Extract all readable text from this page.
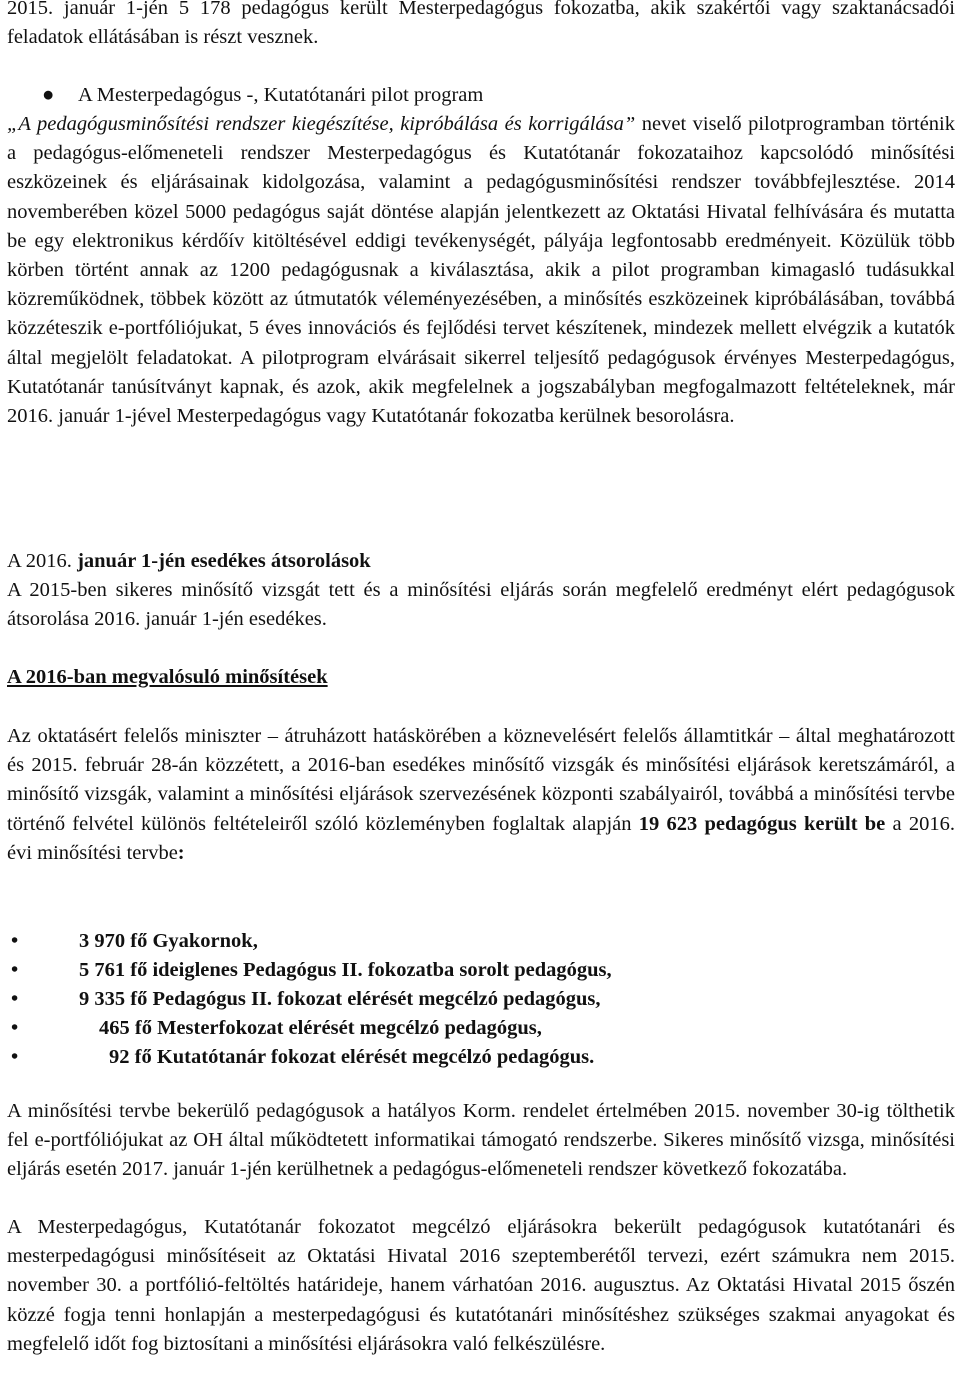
2015. január 1-jén 5 178 pedagógus került Mesterpedagógus fokozatba, akik szakértői vagy szaktanácsadói feladatok ellátásában is részt vesznek.

● A Mesterpedagógus -, Kutatótanári pilot program

„A pedagógusminősítési rendszer kiegészítése, kipróbálása és korrigálása” nevet viselő pilotprogramban történik a pedagógus-előmeneteli rendszer Mesterpedagógus és Kutatótanár fokozataihoz kapcsolódó minősítési eszközeinek és eljárásainak kidolgozása, valamint a pedagógusminősítési rendszer továbbfejlesztése. 2014 novemberében közel 5000 pedagógus saját döntése alapján jelentkezett az Oktatási Hivatal felhívására és mutatta be egy elektronikus kérdőív kitöltésével eddigi tevékenységét, pályája legfontosabb eredményeit. Közülük több körben történt annak az 1200 pedagógusnak a kiválasztása, akik a pilot programban kimagasló tudásukkal közreműködnek, többek között az útmutatók véleményezésében, a minősítés eszközeinek kipróbálásában, továbbá közzéteszik e-portfóliójukat, 5 éves innovációs és fejlődési tervet készítenek, mindezek mellett elvégzik a kutatók által megjelölt feladatokat. A pilotprogram elvárásait sikerrel teljesítő pedagógusok érvényes Mesterpedagógus, Kutatótanár tanúsítványt kapnak, és azok, akik megfelelnek a jogszabályban megfogalmazott feltételeknek, már 2016. január 1-jével Mesterpedagógus vagy Kutatótanár fokozatba kerülnek besorolásra.

A 2016. január 1-jén esedékes átsorolások

A 2015-ben sikeres minősítő vizsgát tett és a minősítési eljárás során megfelelő eredményt elért pedagógusok átsorolása 2016. január 1-jén esedékes.

A 2016-ban megvalósuló minősítések

Az oktatásért felelős miniszter – átruházott hatáskörében a köznevelésért felelős államtitkár – által meghatározott és 2015. február 28-án közzétett, a 2016-ban esedékes minősítő vizsgák és minősítési eljárások keretszámáról, a minősítő vizsgák, valamint a minősítési eljárások szervezésének központi szabályairól, továbbá a minősítési tervbe történő felvétel különös feltételeiről szóló közleményben foglaltak alapján 19 623 pedagógus került be a 2016. évi minősítési tervbe:

•	3 970 fő Gyakornok,
•	5 761 fő ideiglenes Pedagógus II. fokozatba sorolt pedagógus,
•	9 335 fő Pedagógus II. fokozat elérését megcélzó pedagógus,
•	465 fő Mesterfokozat elérését megcélzó pedagógus,
•	92 fő Kutatótanár fokozat elérését megcélzó pedagógus.

A minősítési tervbe bekerülő pedagógusok a hatályos Korm. rendelet értelmében 2015. november 30-ig tölthetik fel e-portfóliójukat az OH által működtetett informatikai támogató rendszerbe. Sikeres minősítő vizsga, minősítési eljárás esetén 2017. január 1-jén kerülhetnek a pedagógus-előmeneteli rendszer következő fokozatába.

A Mesterpedagógus, Kutatótanár fokozatot megcélzó eljárásokra bekerült pedagógusok kutatótanári és mesterpedagógusi minősítéseit az Oktatási Hivatal 2016 szeptemberétől tervezi, ezért számukra nem 2015. november 30. a portfólió-feltöltés határideje, hanem várhatóan 2016. augusztus. Az Oktatási Hivatal 2015 őszén közzé fogja tenni honlapján a mesterpedagógusi és kutatótanári minősítéshez szükséges szakmai anyagokat és megfelelő időt fog biztosítani a minősítési eljárásokra való felkészülésre.
